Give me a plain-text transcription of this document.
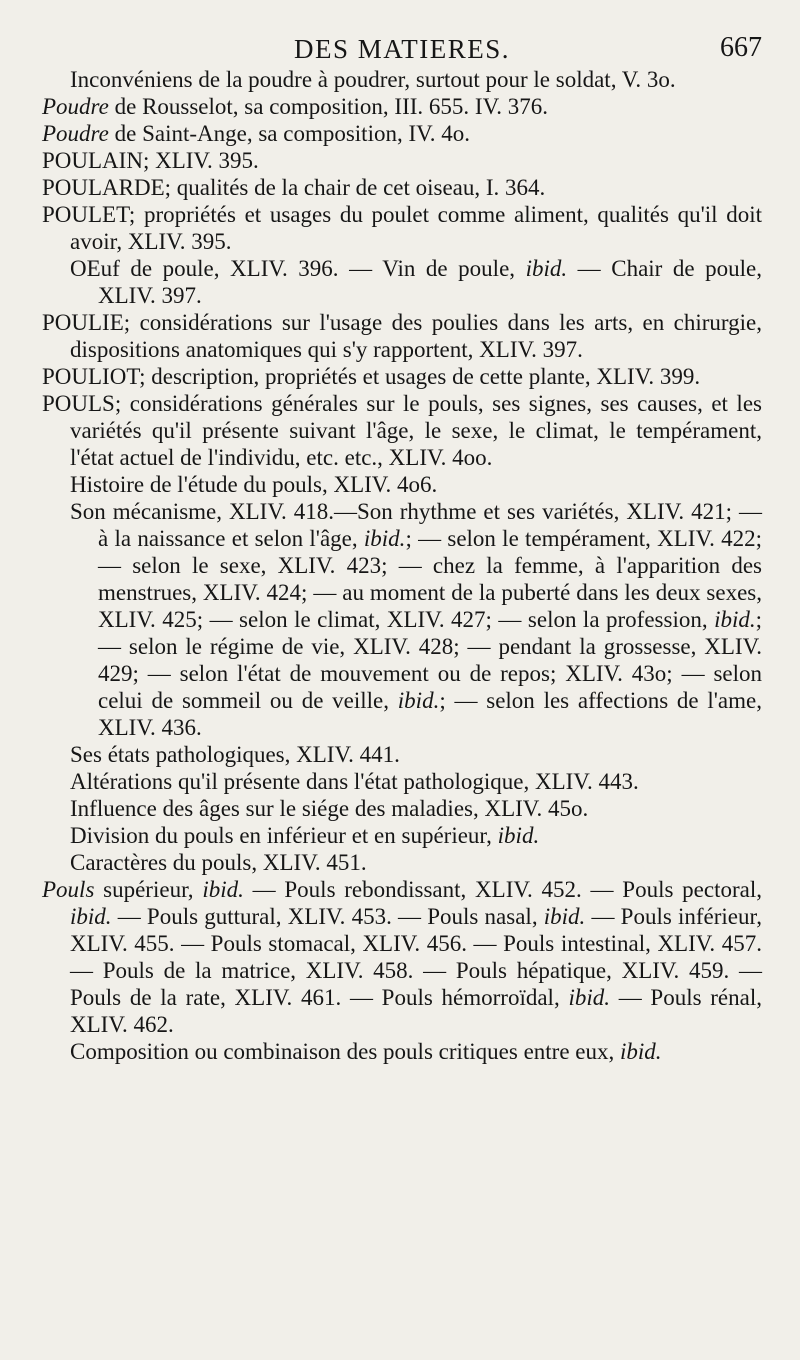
DES MATIERES.	667
Inconvéniens de la poudre à poudrer, surtout pour le soldat, V. 3o.
Poudre de Rousselot, sa composition, III. 655. IV. 376.
Poudre de Saint-Ange, sa composition, IV. 4o.
POULAIN; XLIV. 395.
POULARDE; qualités de la chair de cet oiseau, I. 364.
POULET; propriétés et usages du poulet comme aliment, qualités qu'il doit avoir, XLIV. 395.
OEuf de poule, XLIV. 396. — Vin de poule, ibid. — Chair de poule, XLIV. 397.
POULIE; considérations sur l'usage des poulies dans les arts, en chirurgie, dispositions anatomiques qui s'y rapportent, XLIV. 397.
POULIOT; description, propriétés et usages de cette plante, XLIV. 399.
POULS; considérations générales sur le pouls, ses signes, ses causes, et les variétés qu'il présente suivant l'âge, le sexe, le climat, le tempérament, l'état actuel de l'individu, etc. etc., XLIV. 4oo.
Histoire de l'étude du pouls, XLIV. 4o6.
Son mécanisme, XLIV. 418.—Son rhythme et ses variétés, XLIV. 421; — à la naissance et selon l'âge, ibid.; — selon le tempérament, XLIV. 422; — selon le sexe, XLIV. 423; — chez la femme, à l'apparition des menstrues, XLIV. 424; — au moment de la puberté dans les deux sexes, XLIV. 425; — selon le climat, XLIV. 427; — selon la profession, ibid.; — selon le régime de vie, XLIV. 428; — pendant la grossesse, XLIV. 429; — selon l'état de mouvement ou de repos; XLIV. 43o; — selon celui de sommeil ou de veille, ibid.; — selon les affections de l'ame, XLIV. 436.
Ses états pathologiques, XLIV. 441.
Altérations qu'il présente dans l'état pathologique, XLIV. 443.
Influence des âges sur le siége des maladies, XLIV. 45o.
Division du pouls en inférieur et en supérieur, ibid.
Caractères du pouls, XLIV. 451.
Pouls supérieur, ibid. — Pouls rebondissant, XLIV. 452. — Pouls pectoral, ibid. — Pouls guttural, XLIV. 453. — Pouls nasal, ibid. — Pouls inférieur, XLIV. 455. — Pouls stomacal, XLIV. 456. — Pouls intestinal, XLIV. 457. — Pouls de la matrice, XLIV. 458. — Pouls hépatique, XLIV. 459. — Pouls de la rate, XLIV. 461. — Pouls hémorroïdal, ibid. — Pouls rénal, XLIV. 462.
Composition ou combinaison des pouls critiques entre eux, ibid.
